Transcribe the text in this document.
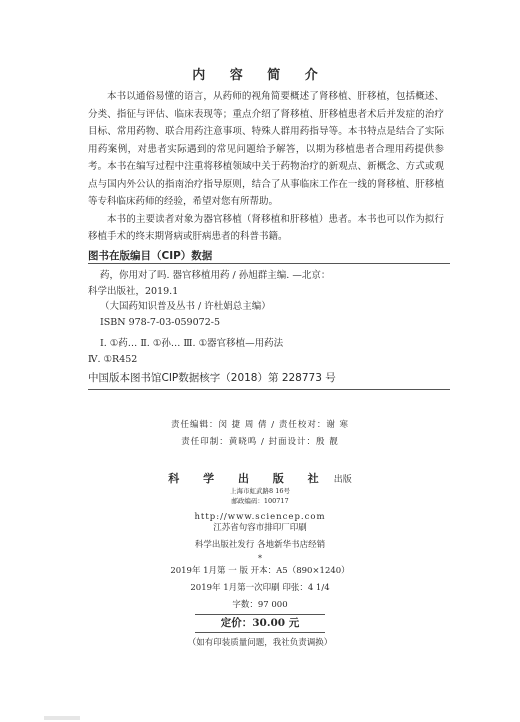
内 容 简 介

本书以通俗易懂的语言，从药师的视角简要概述了肾移植、肝移植，包括概述、分类、指征与评估、临床表现等；重点介绍了肾移植、肝移植患者术后并发症的治疗目标、常用药物、联合用药注意事项、特殊人群用药指导等。本书特点是结合了实际用药案例，对患者实际遇到的常见问题给予解答，以期为移植患者合理用药提供参考。本书在编写过程中注重将移植领域中关于药物治疗的新观点、新概念、方式或观点与国内外公认的指南治疗指导原则，结合了从事临床工作在一线的肾移植、肝移植等专科临床药师的经验，希望对您有所帮助。

本书的主要读者对象为器官移植（肾移植和肝移植）患者。本书也可以作为拟行移植手术的终末期肾病或肝病患者的科普书籍。

图书在版编目（CIP）数据
药，你用对了吗. 器官移植用药 / 孙旭群主编. —北京：
科学出版社，2019.1
（大国药知识普及丛书 / 许杜娟总主编）
ISBN 978-7-03-059072-5
Ⅰ. ①药… Ⅱ. ①孙… Ⅲ. ①器官移植—用药法
Ⅳ. ①R452
中国版本图书馆CIP数据核字（2018）第 228773 号
责任编辑：闵 捷 周 倩 / 责任校对：谢 寒
责任印制：黄晓鸣 / 封面设计：殷 靓
科 学 出 版 社 出版
上海市虹武路8 16号
邮政编码：100717
http://www.sciencep.com
江苏省句容市排印厂印刷
科学出版社发行 各地新华书店经销
*
2019年 1月第 一 版 开本：A5（890×1240）
2019年 1月第一次印刷 印张：4 1/4
字数：97 000
定价：30.00 元
（如有印装质量问题，我社负责调换）
